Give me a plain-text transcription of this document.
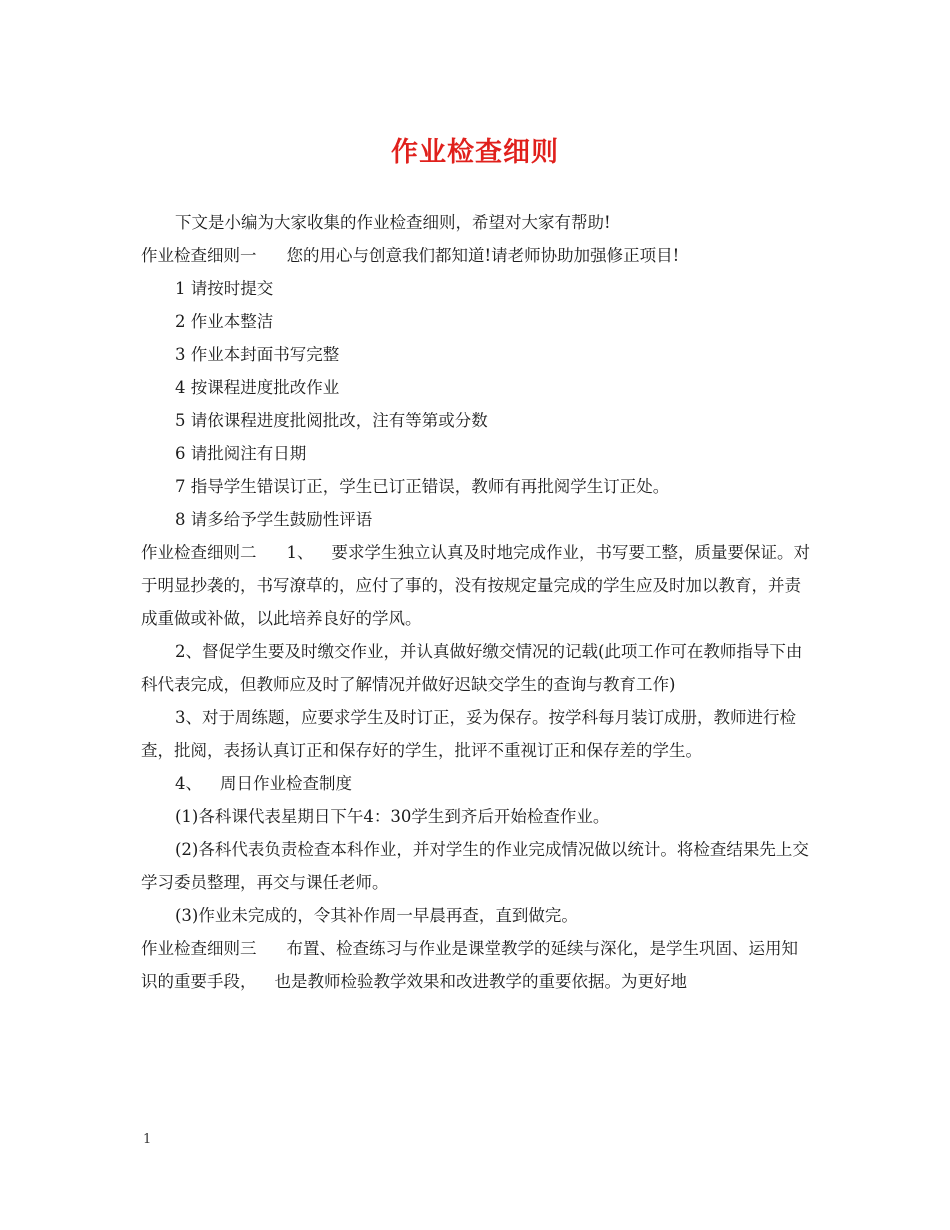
作业检查细则

下文是小编为大家收集的作业检查细则，希望对大家有帮助!

作业检查细则一 您的用心与创意我们都知道!请老师协助加强修正项目!

1 请按时提交

2 作业本整洁

3 作业本封面书写完整

4 按课程进度批改作业

5 请依课程进度批阅批改，注有等第或分数

6 请批阅注有日期

7 指导学生错误订正，学生已订正错误，教师有再批阅学生订正处。

8 请多给予学生鼓励性评语

作业检查细则二 1、 要求学生独立认真及时地完成作业，书写要工整，质量要保证。对于明显抄袭的，书写潦草的，应付了事的，没有按规定量完成的学生应及时加以教育，并责成重做或补做，以此培养良好的学风。

2、督促学生要及时缴交作业，并认真做好缴交情况的记载(此项工作可在教师指导下由科代表完成，但教师应及时了解情况并做好迟缺交学生的查询与教育工作)

3、对于周练题，应要求学生及时订正，妥为保存。按学科每月装订成册，教师进行检查，批阅，表扬认真订正和保存好的学生，批评不重视订正和保存差的学生。

4、 周日作业检查制度

(1)各科课代表星期日下午4：30学生到齐后开始检查作业。

(2)各科代表负责检查本科作业，并对学生的作业完成情况做以统计。将检查结果先上交学习委员整理，再交与课任老师。

(3)作业未完成的，令其补作周一早晨再查，直到做完。

作业检查细则三 布置、检查练习与作业是课堂教学的延续与深化，是学生巩固、运用知识的重要手段， 也是教师检验教学效果和改进教学的重要依据。为更好地

1
